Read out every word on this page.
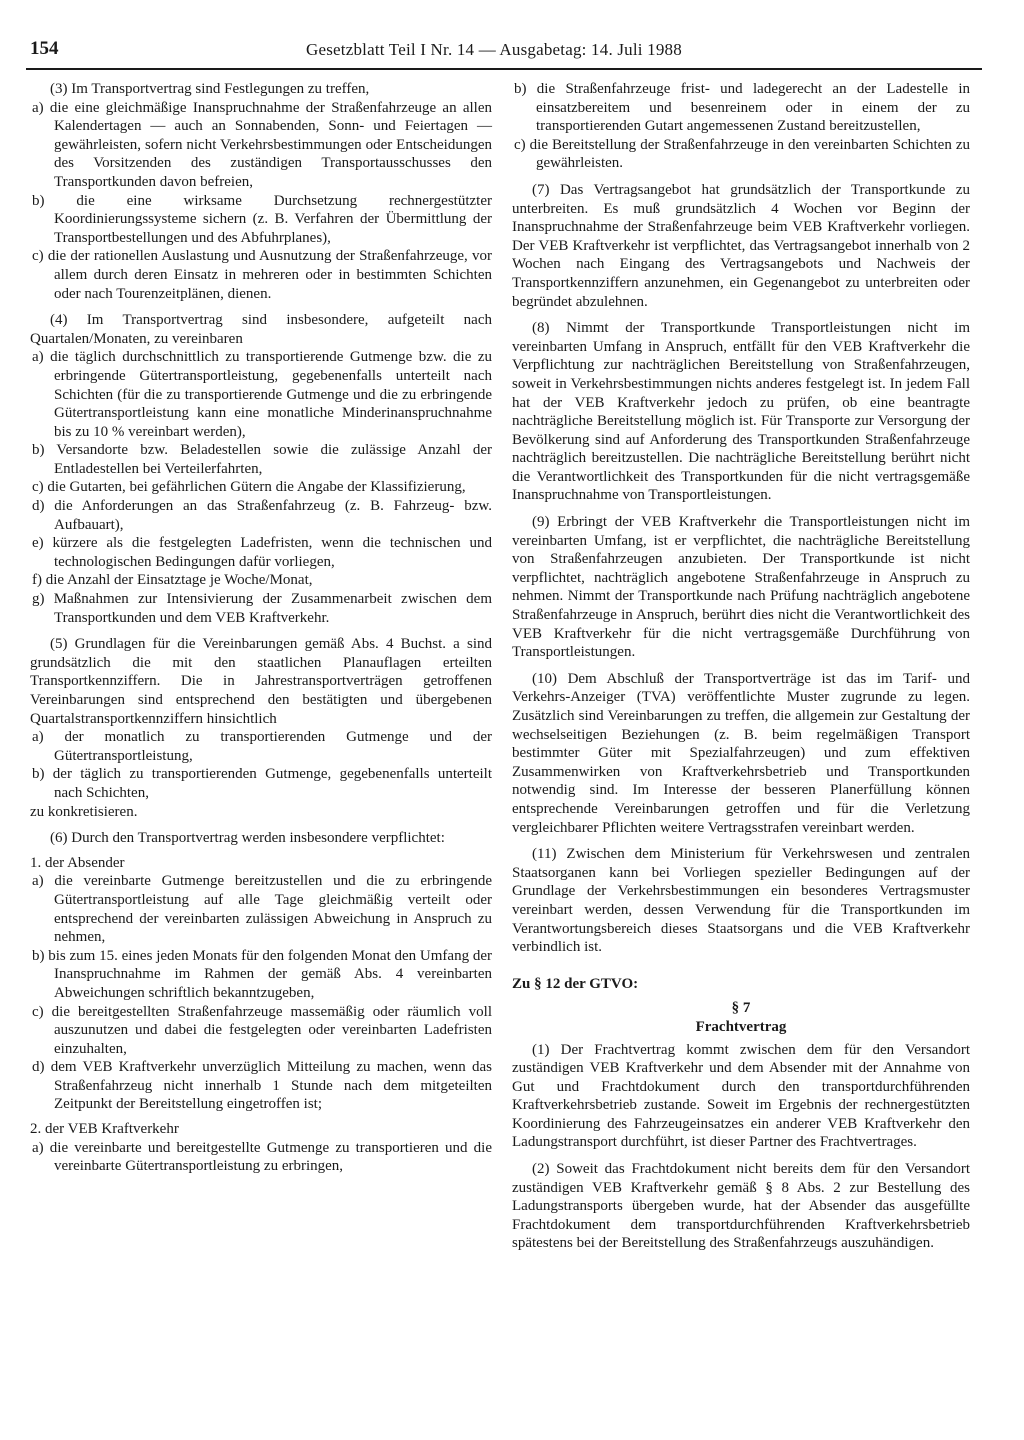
154	Gesetzblatt Teil I Nr. 14 — Ausgabetag: 14. Juli 1988

(3) Im Transportvertrag sind Festlegungen zu treffen,

a) die eine gleichmäßige Inanspruchnahme der Straßenfahrzeuge an allen Kalendertagen — auch an Sonnabenden, Sonn- und Feiertagen — gewährleisten, sofern nicht Verkehrsbestimmungen oder Entscheidungen des Vorsitzenden des zuständigen Transportausschusses den Transportkunden davon befreien,

b) die eine wirksame Durchsetzung rechnergestützter Koordinierungssysteme sichern (z. B. Verfahren der Übermittlung der Transportbestellungen und des Abfuhrplanes),

c) die der rationellen Auslastung und Ausnutzung der Straßenfahrzeuge, vor allem durch deren Einsatz in mehreren oder in bestimmten Schichten oder nach Tourenzeitplänen, dienen.

(4) Im Transportvertrag sind insbesondere, aufgeteilt nach Quartalen/Monaten, zu vereinbaren

a) die täglich durchschnittlich zu transportierende Gutmenge bzw. die zu erbringende Gütertransportleistung, gegebenenfalls unterteilt nach Schichten (für die zu transportierende Gutmenge und die zu erbringende Gütertransportleistung kann eine monatliche Minderinanspruchnahme bis zu 10 % vereinbart werden),

b) Versandorte bzw. Beladestellen sowie die zulässige Anzahl der Entladestellen bei Verteilerfahrten,

c) die Gutarten, bei gefährlichen Gütern die Angabe der Klassifizierung,

d) die Anforderungen an das Straßenfahrzeug (z. B. Fahrzeug- bzw. Aufbauart),

e) kürzere als die festgelegten Ladefristen, wenn die technischen und technologischen Bedingungen dafür vorliegen,

f) die Anzahl der Einsatztage je Woche/Monat,

g) Maßnahmen zur Intensivierung der Zusammenarbeit zwischen dem Transportkunden und dem VEB Kraftverkehr.

(5) Grundlagen für die Vereinbarungen gemäß Abs. 4 Buchst. a sind grundsätzlich die mit den staatlichen Planauflagen erteilten Transportkennziffern. Die in Jahrestransportverträgen getroffenen Vereinbarungen sind entsprechend den bestätigten und übergebenen Quartalstransportkennziffern hinsichtlich

a) der monatlich zu transportierenden Gutmenge und der Gütertransportleistung,

b) der täglich zu transportierenden Gutmenge, gegebenenfalls unterteilt nach Schichten,

zu konkretisieren.

(6) Durch den Transportvertrag werden insbesondere verpflichtet:

1. der Absender

a) die vereinbarte Gutmenge bereitzustellen und die zu erbringende Gütertransportleistung auf alle Tage gleichmäßig verteilt oder entsprechend der vereinbarten zulässigen Abweichung in Anspruch zu nehmen,

b) bis zum 15. eines jeden Monats für den folgenden Monat den Umfang der Inanspruchnahme im Rahmen der gemäß Abs. 4 vereinbarten Abweichungen schriftlich bekanntzugeben,

c) die bereitgestellten Straßenfahrzeuge massemäßig oder räumlich voll auszunutzen und dabei die festgelegten oder vereinbarten Ladefristen einzuhalten,

d) dem VEB Kraftverkehr unverzüglich Mitteilung zu machen, wenn das Straßenfahrzeug nicht innerhalb 1 Stunde nach dem mitgeteilten Zeitpunkt der Bereitstellung eingetroffen ist;

2. der VEB Kraftverkehr

a) die vereinbarte und bereitgestellte Gutmenge zu transportieren und die vereinbarte Gütertransportleistung zu erbringen,

b) die Straßenfahrzeuge frist- und ladegerecht an der Ladestelle in einsatzbereitem und besenreinem oder in einem der zu transportierenden Gutart angemessenen Zustand bereitzustellen,

c) die Bereitstellung der Straßenfahrzeuge in den vereinbarten Schichten zu gewährleisten.

(7) Das Vertragsangebot hat grundsätzlich der Transportkunde zu unterbreiten. Es muß grundsätzlich 4 Wochen vor Beginn der Inanspruchnahme der Straßenfahrzeuge beim VEB Kraftverkehr vorliegen. Der VEB Kraftverkehr ist verpflichtet, das Vertragsangebot innerhalb von 2 Wochen nach Eingang des Vertragsangebots und Nachweis der Transportkennziffern anzunehmen, ein Gegenangebot zu unterbreiten oder begründet abzulehnen.

(8) Nimmt der Transportkunde Transportleistungen nicht im vereinbarten Umfang in Anspruch, entfällt für den VEB Kraftverkehr die Verpflichtung zur nachträglichen Bereitstellung von Straßenfahrzeugen, soweit in Verkehrsbestimmungen nichts anderes festgelegt ist. In jedem Fall hat der VEB Kraftverkehr jedoch zu prüfen, ob eine beantragte nachträgliche Bereitstellung möglich ist. Für Transporte zur Versorgung der Bevölkerung sind auf Anforderung des Transportkunden Straßenfahrzeuge nachträglich bereitzustellen. Die nachträgliche Bereitstellung berührt nicht die Verantwortlichkeit des Transportkunden für die nicht vertragsgemäße Inanspruchnahme von Transportleistungen.

(9) Erbringt der VEB Kraftverkehr die Transportleistungen nicht im vereinbarten Umfang, ist er verpflichtet, die nachträgliche Bereitstellung von Straßenfahrzeugen anzubieten. Der Transportkunde ist nicht verpflichtet, nachträglich angebotene Straßenfahrzeuge in Anspruch zu nehmen. Nimmt der Transportkunde nach Prüfung nachträglich angebotene Straßenfahrzeuge in Anspruch, berührt dies nicht die Verantwortlichkeit des VEB Kraftverkehr für die nicht vertragsgemäße Durchführung von Transportleistungen.

(10) Dem Abschluß der Transportverträge ist das im Tarif- und Verkehrs-Anzeiger (TVA) veröffentlichte Muster zugrunde zu legen. Zusätzlich sind Vereinbarungen zu treffen, die allgemein zur Gestaltung der wechselseitigen Beziehungen (z. B. beim regelmäßigen Transport bestimmter Güter mit Spezialfahrzeugen) und zum effektiven Zusammenwirken von Kraftverkehrsbetrieb und Transportkunden notwendig sind. Im Interesse der besseren Planerfüllung können entsprechende Vereinbarungen getroffen und für die Verletzung vergleichbarer Pflichten weitere Vertragsstrafen vereinbart werden.

(11) Zwischen dem Ministerium für Verkehrswesen und zentralen Staatsorganen kann bei Vorliegen spezieller Bedingungen auf der Grundlage der Verkehrsbestimmungen ein besonderes Vertragsmuster vereinbart werden, dessen Verwendung für die Transportkunden im Verantwortungsbereich dieses Staatsorgans und die VEB Kraftverkehr verbindlich ist.

Zu § 12 der GTVO:

§ 7

Frachtvertrag

(1) Der Frachtvertrag kommt zwischen dem für den Versandort zuständigen VEB Kraftverkehr und dem Absender mit der Annahme von Gut und Frachtdokument durch den transportdurchführenden Kraftverkehrsbetrieb zustande. Soweit im Ergebnis der rechnergestützten Koordinierung des Fahrzeugeinsatzes ein anderer VEB Kraftverkehr den Ladungstransport durchführt, ist dieser Partner des Frachtvertrages.

(2) Soweit das Frachtdokument nicht bereits dem für den Versandort zuständigen VEB Kraftverkehr gemäß § 8 Abs. 2 zur Bestellung des Ladungstransports übergeben wurde, hat der Absender das ausgefüllte Frachtdokument dem transportdurchführenden Kraftverkehrsbetrieb spätestens bei der Bereitstellung des Straßenfahrzeugs auszuhändigen.
